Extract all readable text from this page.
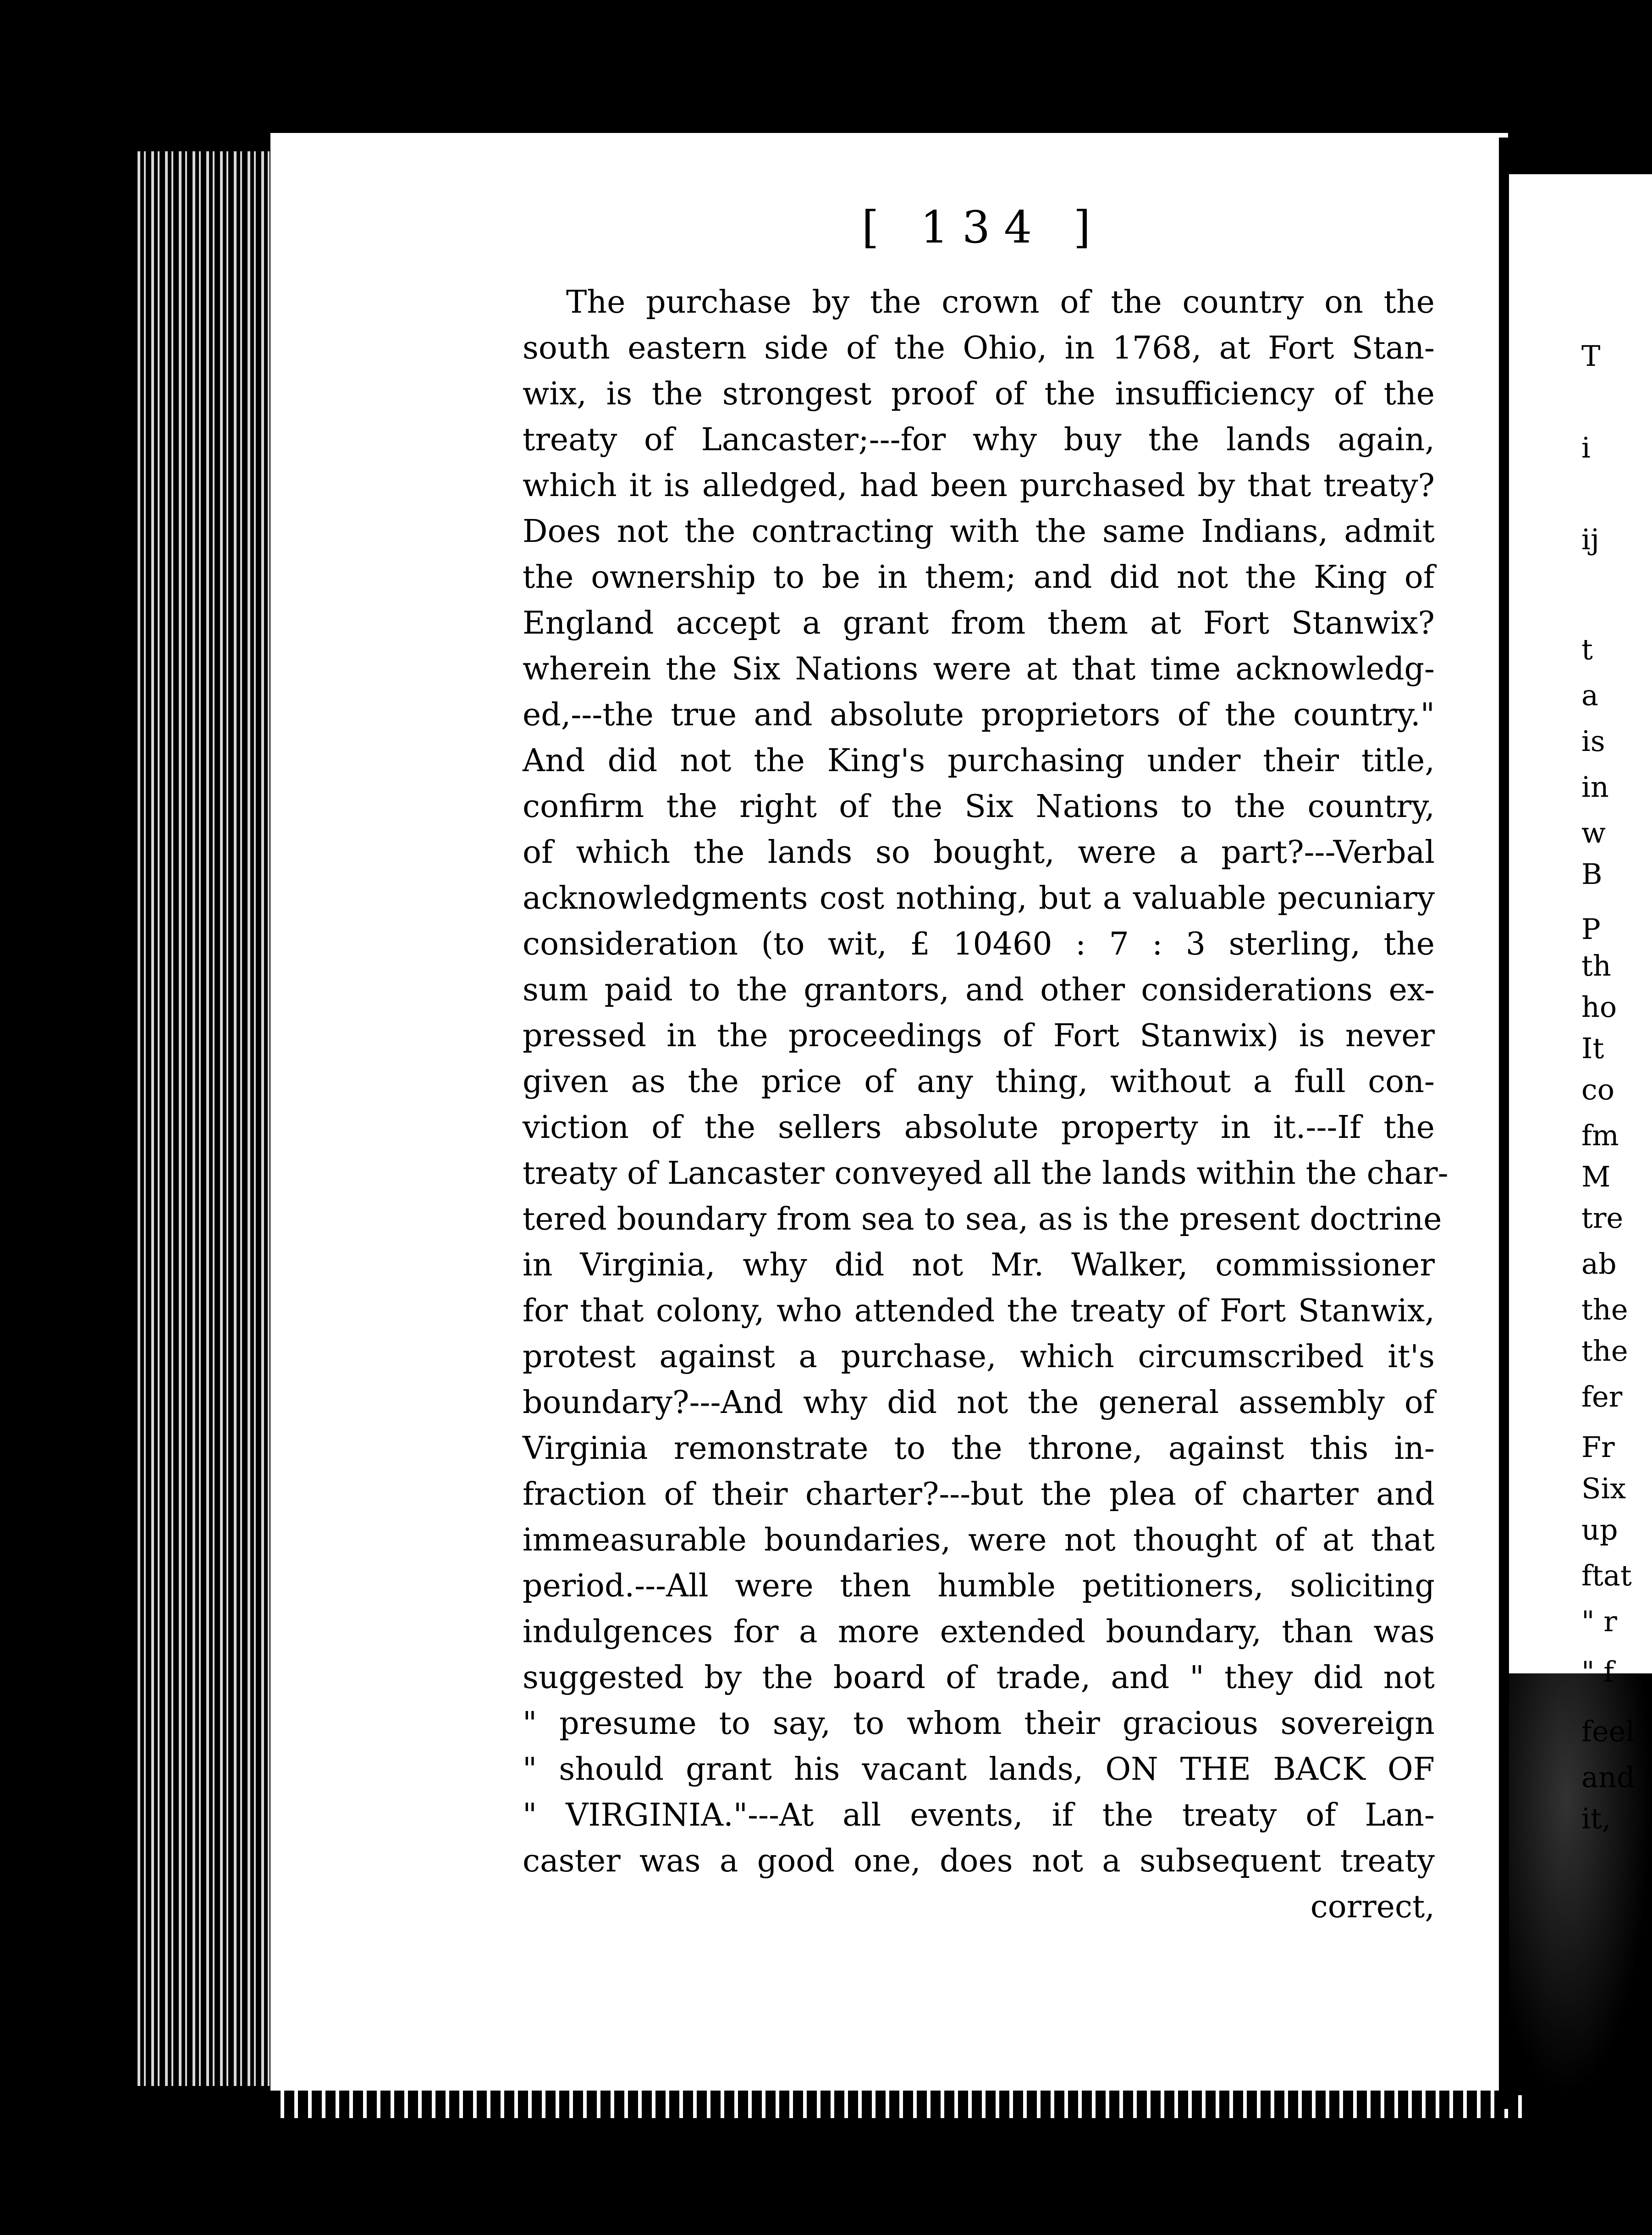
T
i
ij
t
a
is
in
w
B
P
th
ho
It
co
fm
M
tre
ab
the
the
fer
Fr
Six
up
ftat
" r
" f
feel
and
it,
[ 134 ]
The purchase by the crown of the country on the
south eastern side of the Ohio, in 1768, at Fort Stan-
wix, is the strongest proof of the insufficiency of the
treaty of Lancaster;---for why buy the lands again,
which it is alledged, had been purchased by that treaty?
Does not the contracting with the same Indians, admit
the ownership to be in them; and did not the King of
England accept a grant from them at Fort Stanwix?
wherein the Six Nations were at that time acknowledg-
ed,---the true and absolute proprietors of the country."
And did not the King's purchasing under their title,
confirm the right of the Six Nations to the country,
of which the lands so bought, were a part?---Verbal
acknowledgments cost nothing, but a valuable pecuniary
consideration (to wit, £ 10460 : 7 : 3 sterling, the
sum paid to the grantors, and other considerations ex-
pressed in the proceedings of Fort Stanwix) is never
given as the price of any thing, without a full con-
viction of the sellers absolute property in it.---If the
treaty of Lancaster conveyed all the lands within the char-
tered boundary from sea to sea, as is the present doctrine
in Virginia, why did not Mr. Walker, commissioner
for that colony, who attended the treaty of Fort Stanwix,
protest against a purchase, which circumscribed it's
boundary?---And why did not the general assembly of
Virginia remonstrate to the throne, against this in-
fraction of their charter?---but the plea of charter and
immeasurable boundaries, were not thought of at that
period.---All were then humble petitioners, soliciting
indulgences for a more extended boundary, than was
suggested by the board of trade, and " they did not
" presume to say, to whom their gracious sovereign
" should grant his vacant lands, ON THE BACK OF
" VIRGINIA."---At all events, if the treaty of Lan-
caster was a good one, does not a subsequent treaty
correct,
